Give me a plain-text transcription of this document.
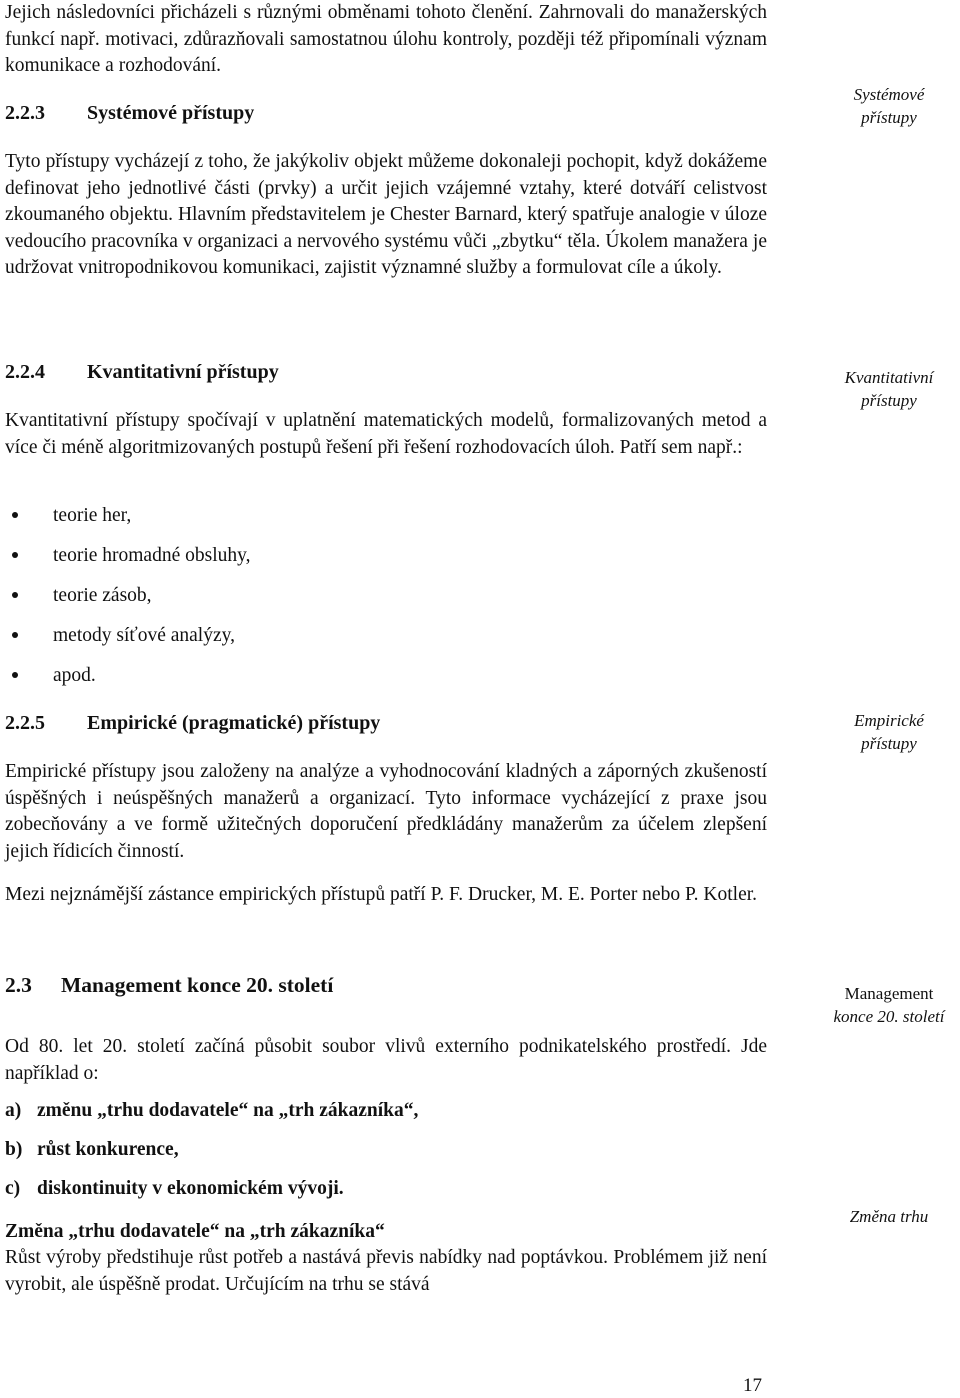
Jejich následovníci přicházeli s různými obměnami tohoto členění. Zahrnovali do manažerských funkcí např. motivaci, zdůrazňovali samostatnou úlohu kontroly, později též připomínali význam komunikace a rozhodování.

2.2.3 Systémové přístupy

Tyto přístupy vycházejí z toho, že jakýkoliv objekt můžeme dokonaleji pochopit, když dokážeme definovat jeho jednotlivé části (prvky) a určit jejich vzájemné vztahy, které dotváří celistvost zkoumaného objektu. Hlavním představitelem je Chester Barnard, který spatřuje analogie v úloze vedoucího pracovníka v organizaci a nervového systému vůči „zbytku“ těla. Úkolem manažera je udržovat vnitropodnikovou komunikaci, zajistit významné služby a formulovat cíle a úkoly.

2.2.4 Kvantitativní přístupy

Kvantitativní přístupy spočívají v uplatnění matematických modelů, formalizovaných metod a více či méně algoritmizovaných postupů řešení při řešení rozhodovacích úloh. Patří sem např.:

teorie her,
teorie hromadné obsluhy,
teorie zásob,
metody síťové analýzy,
apod.
2.2.5 Empirické (pragmatické) přístupy

Empirické přístupy jsou založeny na analýze a vyhodnocování kladných a záporných zkušeností úspěšných i neúspěšných manažerů a organizací. Tyto informace vycházející z praxe jsou zobecňovány a ve formě užitečných doporučení předkládány manažerům za účelem zlepšení jejich řídicích činností.

Mezi nejznámější zástance empirických přístupů patří P. F. Drucker, M. E. Porter nebo P. Kotler.

2.3 Management konce 20. století

Od 80. let 20. století začíná působit soubor vlivů externího podnikatelského prostředí. Jde například o:

a) změnu „trhu dodavatele“ na „trh zákazníka“,

b) růst konkurence,

c) diskontinuity v ekonomickém vývoji.

Změna „trhu dodavatele“ na „trh zákazníka“

Růst výroby předstihuje růst potřeb a nastává převis nabídky nad poptávkou. Problémem již není vyrobit, ale úspěšně prodat. Určujícím na trhu se stává

Systémové
přístupy
Kvantitativní
přístupy
Empirické
přístupy
Management
konce 20. století
Změna trhu
17
